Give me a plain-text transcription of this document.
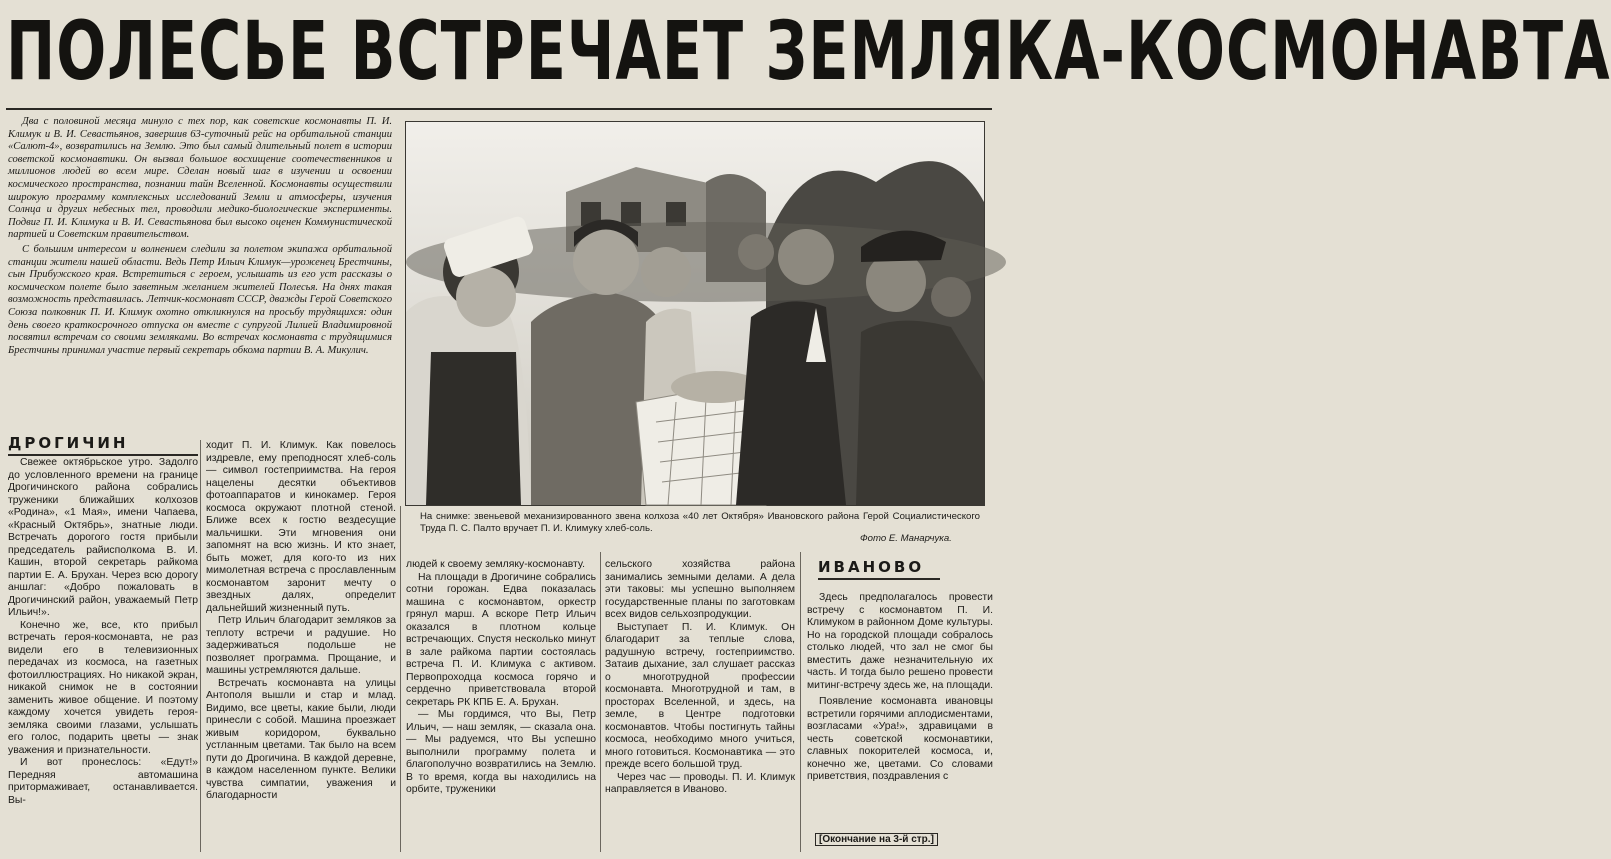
ПОЛЕСЬЕ ВСТРЕЧАЕТ ЗЕМЛЯКА-КОСМОНАВТА

Два с половиной месяца минуло с тех пор, как советские космонавты П. И. Климук и В. И. Севастьянов, завершив 63-суточный рейс на орбитальной станции «Салют-4», возвратились на Землю. Это был самый длительный полет в истории советской космонавтики. Он вызвал большое восхищение соотечественников и миллионов людей во всем мире. Сделан новый шаг в изучении и освоении космического пространства, познании тайн Вселенной. Космонавты осуществили широкую программу комплексных исследований Земли и атмосферы, изучения Солнца и других небесных тел, проводили медико-биологические эксперименты. Подвиг П. И. Климука и В. И. Севастьянова был высоко оценен Коммунистической партией и Советским правительством.

С большим интересом и волнением следили за полетом экипажа орбитальной станции жители нашей области. Ведь Петр Ильич Климук—уроженец Брестчины, сын Прибужского края. Встретиться с героем, услышать из его уст рассказы о космическом полете было заветным желанием жителей Полесья. На днях такая возможность представилась. Летчик-космонавт СССР, дважды Герой Советского Союза полковник П. И. Климук охотно откликнулся на просьбу трудящихся: один день своего краткосрочного отпуска он вместе с супругой Лилией Владимировной посвятил встречам со своими земляками. Во встречах космонавта с трудящимися Брестчины принимал участие первый секретарь обкома партии В. А. Микулич.

ДРОГИЧИН

Свежее октябрьское утро. Задолго до условленного времени на границе Дрогичинского района собрались труженики ближайших колхозов «Родина», «1 Мая», имени Чапаева, «Красный Октябрь», знатные люди. Встречать дорогого гостя прибыли председатель райисполкома В. И. Кашин, второй секретарь райкома партии Е. А. Брухан. Через всю дорогу аншлаг: «Добро пожаловать в Дрогичинский район, уважаемый Петр Ильич!».

Конечно же, все, кто прибыл встречать героя-космонавта, не раз видели его в телевизионных передачах из космоса, на газетных фотоиллюстрациях. Но никакой экран, никакой снимок не в состоянии заменить живое общение. И поэтому каждому хочется увидеть героя-земляка своими глазами, услышать его голос, подарить цветы — знак уважения и признательности.

И вот пронеслось: «Едут!» Передняя автомашина притормаживает, останавливается. Вы-

ходит П. И. Климук. Как повелось издревле, ему преподносят хлеб-соль — символ гостеприимства. На героя нацелены десятки объективов фотоаппаратов и кинокамер. Героя космоса окружают плотной стеной. Ближе всех к гостю вездесущие мальчишки. Эти мгновения они запомнят на всю жизнь. И кто знает, быть может, для кого-то из них мимолетная встреча с прославленным космонавтом заронит мечту о звездных далях, определит дальнейший жизненный путь.

Петр Ильич благодарит земляков за теплоту встречи и радушие. Но задерживаться подольше не позволяет программа. Прощание, и машины устремляются дальше.

Встречать космонавта на улицы Антополя вышли и стар и млад. Видимо, все цветы, какие были, люди принесли с собой. Машина проезжает живым коридором, буквально устланным цветами. Так было на всем пути до Дрогичина. В каждой деревне, в каждом населенном пункте. Велики чувства симпатии, уважения и благодарности

На снимке: звеньевой механизированного звена колхоза «40 лет Октября» Ивановского района Герой Социалистического Труда П. С. Палто вручает П. И. Климуку хлеб-соль.
Фото Е. Манарчука.

людей к своему земляку-космонавту.

На площади в Дрогичине собрались сотни горожан. Едва показалась машина с космонавтом, оркестр грянул марш. А вскоре Петр Ильич оказался в плотном кольце встречающих. Спустя несколько минут в зале райкома партии состоялась встреча П. И. Климука с активом. Первопроходца космоса горячо и сердечно приветствовала второй секретарь РК КПБ Е. А. Брухан.

— Мы гордимся, что Вы, Петр Ильич, — наш земляк, — сказала она. — Мы радуемся, что Вы успешно выполнили программу полета и благополучно возвратились на Землю. В то время, когда вы находились на орбите, труженики

сельского хозяйства района занимались земными делами. А дела эти таковы: мы успешно выполняем государственные планы по заготовкам всех видов сельхозпродукции.

Выступает П. И. Климук. Он благодарит за теплые слова, радушную встречу, гостеприимство. Затаив дыхание, зал слушает рассказ о многотрудной профессии космонавта. Многотрудной и там, в просторах Вселенной, и здесь, на земле, в Центре подготовки космонавтов. Чтобы постигнуть тайны космоса, необходимо много учиться, много готовиться. Космонавтика — это прежде всего большой труд.

Через час — проводы. П. И. Климук направляется в Иваново.

ИВАНОВО

Здесь предполагалось провести встречу с космонавтом П. И. Климуком в районном Доме культуры. Но на городской площади собралось столько людей, что зал не смог бы вместить даже незначительную их часть. И тогда было решено провести митинг-встречу здесь же, на площади.

Появление космонавта ивановцы встретили горячими аплодисментами, возгласами «Ура!», здравицами в честь советской космонавтики, славных покорителей космоса, и, конечно же, цветами. Со словами приветствия, поздравления с

[Окончание на 3-й стр.]
